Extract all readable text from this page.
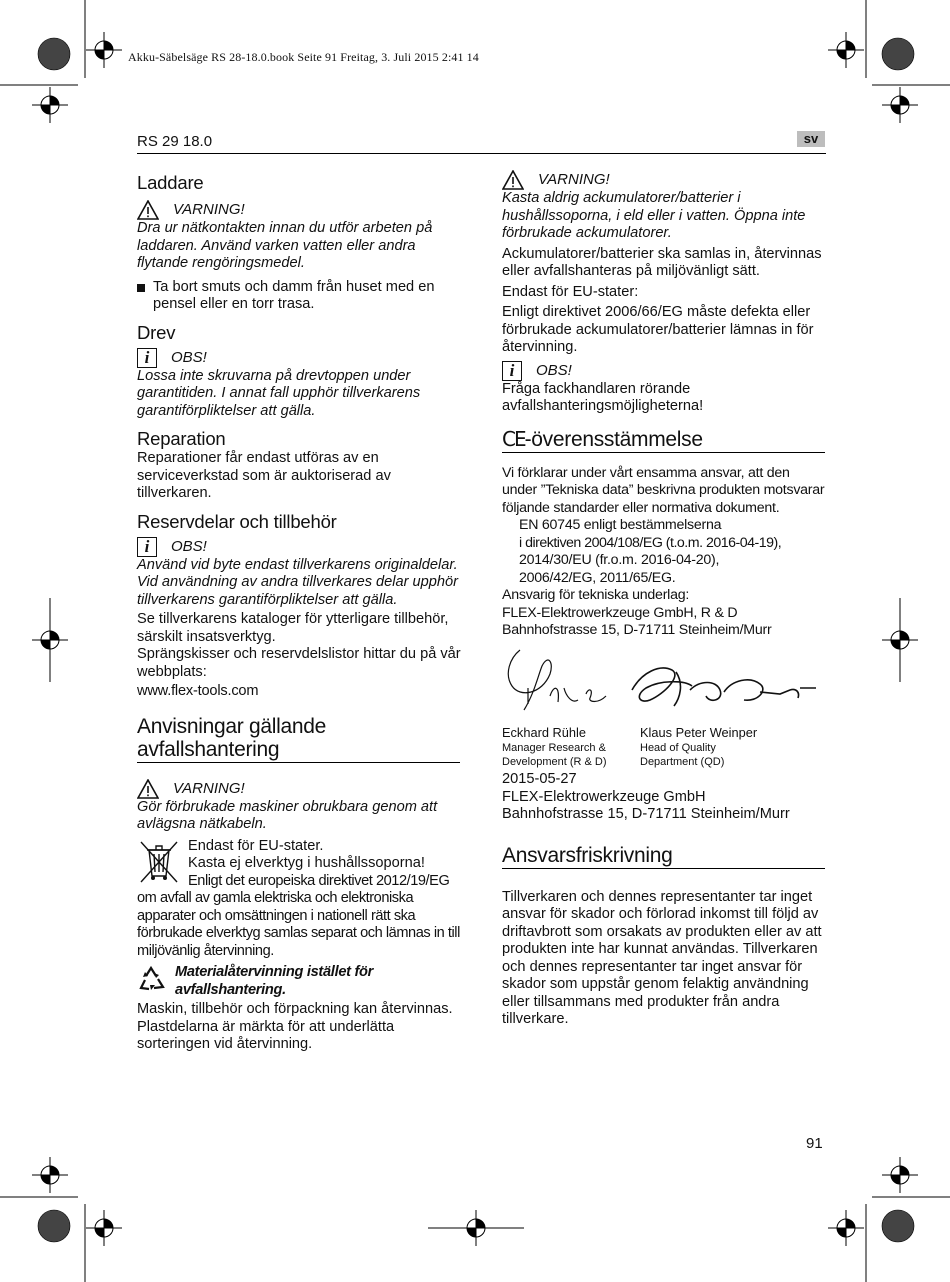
Akku-Säbelsäge RS 28-18.0.book Seite 91 Freitag, 3. Juli 2015 2:41 14
RS 29 18.0	sv
Laddare
VARNING!

Dra ur nätkontakten innan du utför arbeten på laddaren. Använd varken vatten eller andra flytande rengöringsmedel.

Ta bort smuts och damm från huset med en pensel eller en torr trasa.
Drev
i	OBS!

Lossa inte skruvarna på drevtoppen under garantitiden. I annat fall upphör tillverkarens garantiförpliktelser att gälla.

Reparation

Reparationer får endast utföras av en serviceverkstad som är auktoriserad av tillverkaren.

Reservdelar och tillbehör
i	OBS!

Använd vid byte endast tillverkarens originaldelar. Vid användning av andra tillverkares delar upphör tillverkarens garantiförpliktelser att gälla.

Se tillverkarens kataloger för ytterligare tillbehör, särskilt insatsverktyg.

Sprängskisser och reservdelslistor hittar du på vår webbplats:

www.flex-tools.com

Anvisningar gällande avfallshantering
VARNING!

Gör förbrukade maskiner obrukbara genom att avlägsna nätkabeln.

Endast för EU-stater.

Kasta ej elverktyg i hushållssoporna!

Enligt det europeiska direktivet 2012/19/EG om avfall av gamla elektriska och elektroniska apparater och omsättningen i nationell rätt ska förbrukade elverktyg samlas separat och lämnas in till miljövänlig återvinning.

Materialåtervinning istället för avfallshantering.

Maskin, tillbehör och förpackning kan återvinnas. Plastdelarna är märkta för att underlätta sorteringen vid återvinning.

VARNING!

Kasta aldrig ackumulatorer/batterier i hushållssoporna, i eld eller i vatten. Öppna inte förbrukade ackumulatorer.

Ackumulatorer/batterier ska samlas in, återvinnas eller avfallshanteras på miljövänligt sätt.

Endast för EU-stater:

Enligt direktivet 2006/66/EG måste defekta eller förbrukade ackumulatorer/batterier lämnas in för återvinning.

i	OBS!

Fråga fackhandlaren rörande avfallshanteringsmöjligheterna!

CE -överensstämmelse

Vi förklarar under vårt ensamma ansvar, att den under ”Tekniska data” beskrivna produkten motsvarar följande standarder eller normativa dokument.

EN 60745 enligt bestämmelserna

i direktiven 2004/108/EG (t.o.m. 2016-04-19),

2014/30/EU (fr.o.m. 2016-04-20),

2006/42/EG, 2011/65/EG.

Ansvarig för tekniska underlag:

FLEX-Elektrowerkzeuge GmbH, R & D

Bahnhofstrasse 15, D-71711 Steinheim/Murr

Eckhard Rühle
Manager Research &
Development (R & D)
Klaus Peter Weinper
Head of Quality
Department (QD)

2015-05-27

FLEX-Elektrowerkzeuge GmbH

Bahnhofstrasse 15, D-71711 Steinheim/Murr

Ansvarsfriskrivning

Tillverkaren och dennes representanter tar inget ansvar för skador och förlorad inkomst till följd av driftavbrott som orsakats av produkten eller av att produkten inte har kunnat användas. Tillverkaren och dennes representanter tar inget ansvar för skador som uppstår genom felaktig användning eller tillsammans med produkter från andra tillverkare.

91
